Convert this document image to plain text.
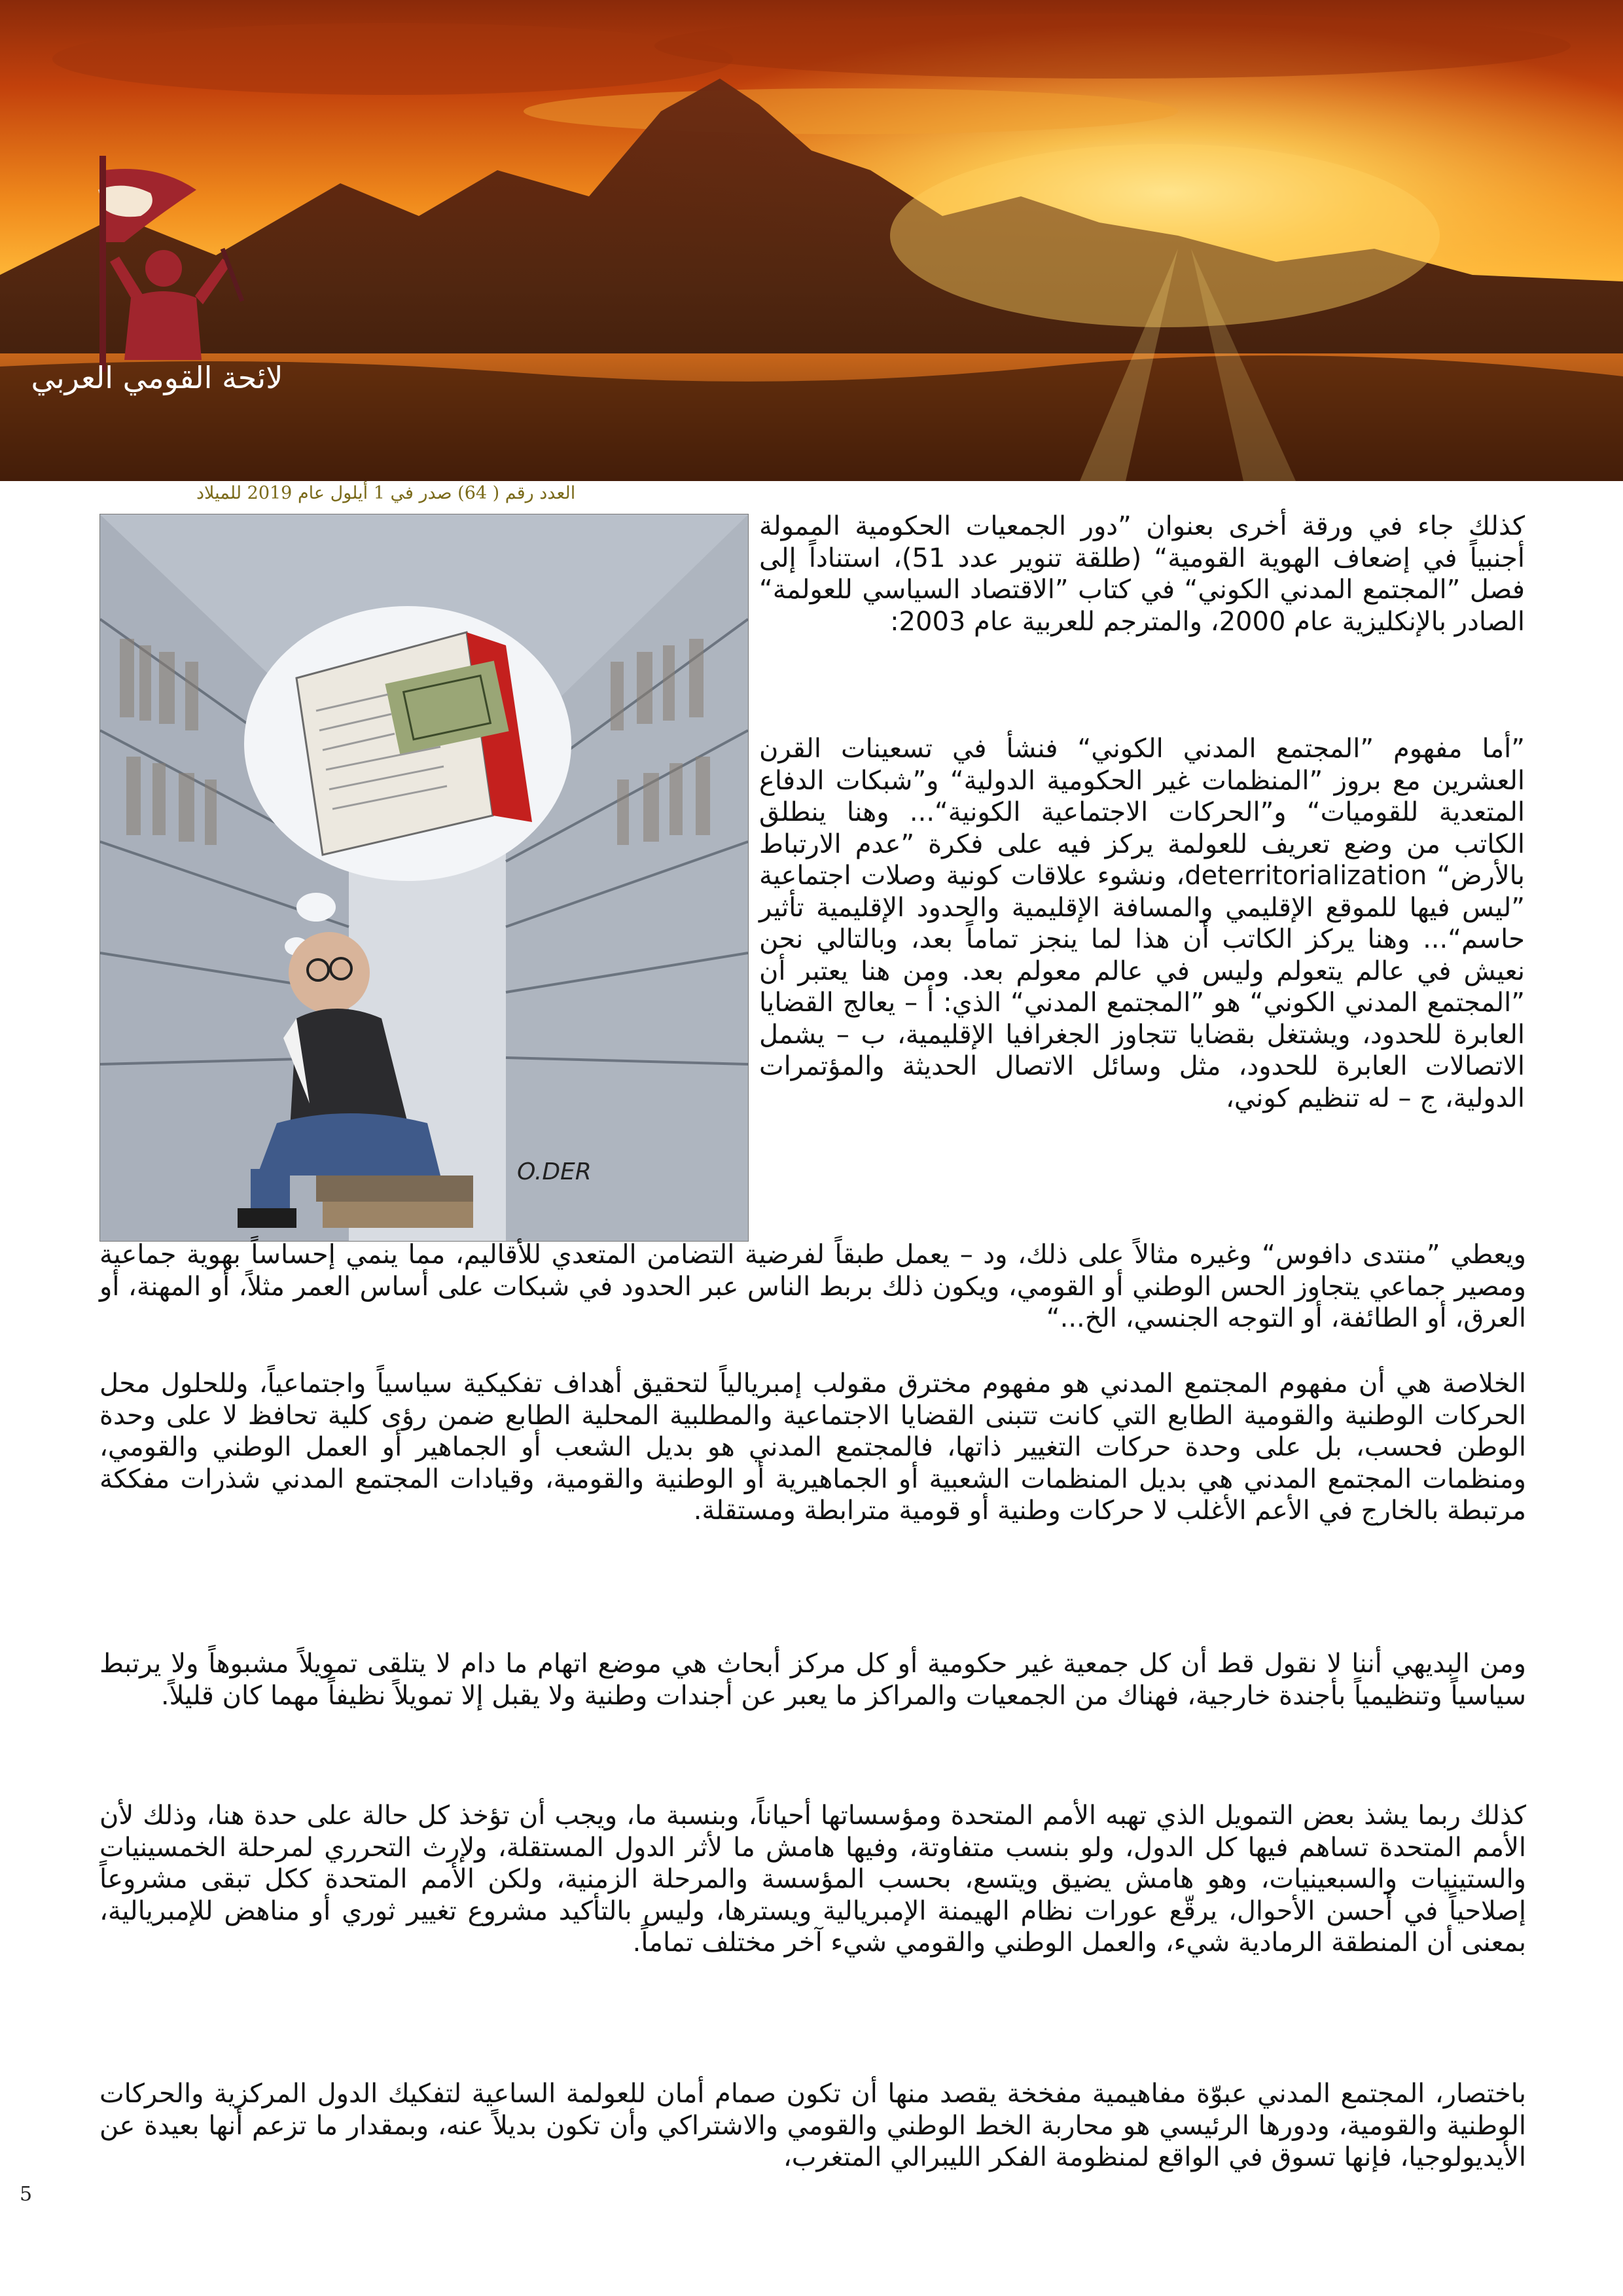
لائحة القومي العربي
العدد رقم ( 64) صدر في 1 أيلول عام 2019 للميلاد
O.DER
كذلك جاء في ورقة أخرى بعنوان ”دور الجمعيات الحكومية الممولة أجنبياً في إضعاف الهوية القومية“ (طلقة تنوير عدد 51)، استناداً إلى فصل ”المجتمع المدني الكوني“ في كتاب ”الاقتصاد السياسي للعولمة“ الصادر بالإنكليزية عام 2000، والمترجم للعربية عام 2003:
”أما مفهوم ”المجتمع المدني الكوني“ فنشأ في تسعينات القرن العشرين مع بروز ”المنظمات غير الحكومية الدولية“ و”شبكات الدفاع المتعدية للقوميات“ و”الحركات الاجتماعية الكونية“... وهنا ينطلق الكاتب من وضع تعريف للعولمة يركز فيه على فكرة ”عدم الارتباط بالأرض“ deterritorialization، ونشوء علاقات كونية وصلات اجتماعية ”ليس فيها للموقع الإقليمي والمسافة الإقليمية والحدود الإقليمية تأثير حاسم“... وهنا يركز الكاتب أن هذا لما ينجز تماماً بعد، وبالتالي نحن نعيش في عالم يتعولم وليس في عالم معولم بعد. ومن هنا يعتبر أن ”المجتمع المدني الكوني“ هو ”المجتمع المدني“ الذي: أ – يعالج القضايا العابرة للحدود، ويشتغل بقضايا تتجاوز الجغرافيا الإقليمية، ب – يشمل الاتصالات العابرة للحدود، مثل وسائل الاتصال الحديثة والمؤتمرات الدولية، ج – له تنظيم كوني،
ويعطي ”منتدى دافوس“ وغيره مثالاً على ذلك، ود – يعمل طبقاً لفرضية التضامن المتعدي للأقاليم، مما ينمي إحساساً بهوية جماعية ومصير جماعي يتجاوز الحس الوطني أو القومي، ويكون ذلك بربط الناس عبر الحدود في شبكات على أساس العمر مثلاً، أو المهنة، أو العرق، أو الطائفة، أو التوجه الجنسي، الخ...“
الخلاصة هي أن مفهوم المجتمع المدني هو مفهوم مخترق مقولب إمبريالياً لتحقيق أهداف تفكيكية سياسياً واجتماعياً، وللحلول محل الحركات الوطنية والقومية الطابع التي كانت تتبنى القضايا الاجتماعية والمطلبية المحلية الطابع ضمن رؤى كلية تحافظ لا على وحدة الوطن فحسب، بل على وحدة حركات التغيير ذاتها، فالمجتمع المدني هو بديل الشعب أو الجماهير أو العمل الوطني والقومي، ومنظمات المجتمع المدني هي بديل المنظمات الشعبية أو الجماهيرية أو الوطنية والقومية، وقيادات المجتمع المدني شذرات مفككة مرتبطة بالخارج في الأعم الأغلب لا حركات وطنية أو قومية مترابطة ومستقلة.
ومن البديهي أننا لا نقول قط أن كل جمعية غير حكومية أو كل مركز أبحاث هي موضع اتهام ما دام لا يتلقى تمويلاً مشبوهاً ولا يرتبط سياسياً وتنظيمياً بأجندة خارجية، فهناك من الجمعيات والمراكز ما يعبر عن أجندات وطنية ولا يقبل إلا تمويلاً نظيفاً مهما كان قليلاً.
كذلك ربما يشذ بعض التمويل الذي تهبه الأمم المتحدة ومؤسساتها أحياناً، وبنسبة ما، ويجب أن تؤخذ كل حالة على حدة هنا، وذلك لأن الأمم المتحدة تساهم فيها كل الدول، ولو بنسب متفاوتة، وفيها هامش ما لأثر الدول المستقلة، ولإرث التحرري لمرحلة الخمسينيات والستينيات والسبعينيات، وهو هامش يضيق ويتسع، بحسب المؤسسة والمرحلة الزمنية، ولكن الأمم المتحدة ككل تبقى مشروعاً إصلاحياً في أحسن الأحوال، يرقّع عورات نظام الهيمنة الإمبريالية ويسترها، وليس بالتأكيد مشروع تغيير ثوري أو مناهض للإمبريالية، بمعنى أن المنطقة الرمادية شيء، والعمل الوطني والقومي شيء آخر مختلف تماماً.
باختصار، المجتمع المدني عبوّة مفاهيمية مفخخة يقصد منها أن تكون صمام أمان للعولمة الساعية لتفكيك الدول المركزية والحركات الوطنية والقومية، ودورها الرئيسي هو محاربة الخط الوطني والقومي والاشتراكي وأن تكون بديلاً عنه، وبمقدار ما تزعم أنها بعيدة عن الأيديولوجيا، فإنها تسوق في الواقع لمنظومة الفكر الليبرالي المتغرب،
5
